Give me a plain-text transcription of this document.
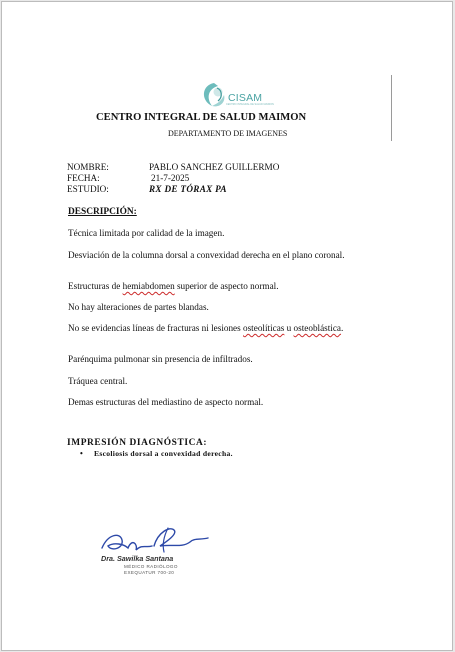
CISAM
CENTRO INTEGRAL DE SALUD MAIMON
CENTRO INTEGRAL DE SALUD MAIMON
DEPARTAMENTO DE IMAGENES
NOMBRE:	PABLO SANCHEZ GUILLERMO
FECHA:	21-7-2025
ESTUDIO:	RX DE TÓRAX PA
DESCRIPCIÓN:
Técnica limitada por calidad de la imagen.
Desviación de la columna dorsal a convexidad derecha en el plano coronal.
Estructuras de hemiabdomen superior de aspecto normal.
No hay alteraciones de partes blandas.
No se evidencias líneas de fracturas ni lesiones osteolíticas u osteoblástica.
Parénquima pulmonar sin presencia de infiltrados.
Tráquea central.
Demas estructuras del mediastino de aspecto normal.
IMPRESIÓN DIAGNÓSTICA:
• Escoliosis dorsal a convexidad derecha.
Dra. Sawilka Santana
MÉDICO RADIÓLOGO
EXEQUATUR 700-20
